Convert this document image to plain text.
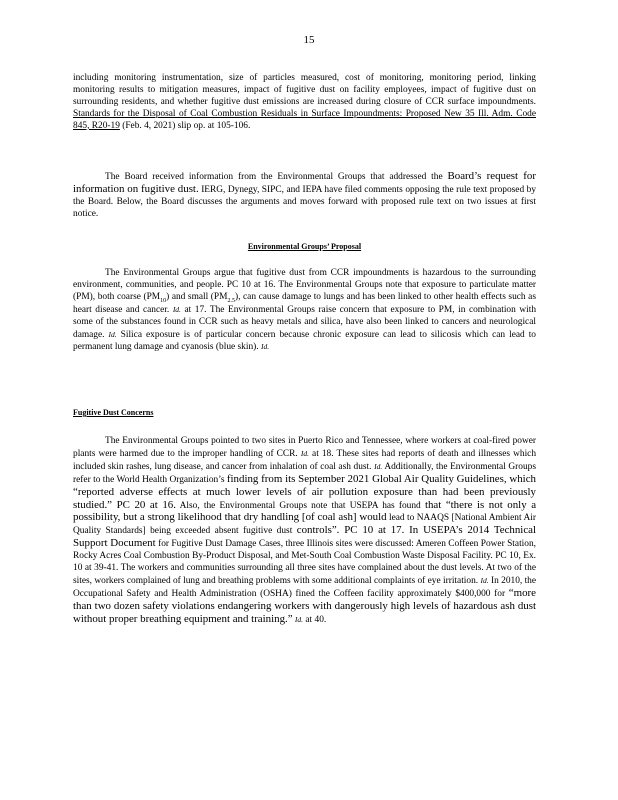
15

including monitoring instrumentation, size of particles measured, cost of monitoring, monitoring period, linking monitoring results to mitigation measures, impact of fugitive dust on facility employees, impact of fugitive dust on surrounding residents, and whether fugitive dust emissions are increased during closure of CCR surface impoundments. Standards for the Disposal of Coal Combustion Residuals in Surface Impoundments: Proposed New 35 Ill. Adm. Code 845, R20-19 (Feb. 4, 2021) slip op. at 105-106.

The Board received information from the Environmental Groups that addressed the Board’s request for information on fugitive dust. IERG, Dynegy, SIPC, and IEPA have filed comments opposing the rule text proposed by the Board. Below, the Board discusses the arguments and moves forward with proposed rule text on two issues at first notice.

Environmental Groups’ Proposal

The Environmental Groups argue that fugitive dust from CCR impoundments is hazardous to the surrounding environment, communities, and people. PC 10 at 16. The Environmental Groups note that exposure to particulate matter (PM), both coarse $(PM_{10})$ and small $(PM_{2.5})$, can cause damage to lungs and has been linked to other health effects such as heart disease and cancer. Id. at 17. The Environmental Groups raise concern that exposure to PM, in combination with some of the substances found in CCR such as heavy metals and silica, have also been linked to cancers and neurological damage. Id. Silica exposure is of particular concern because chronic exposure can lead to silicosis which can lead to permanent lung damage and cyanosis (blue skin). Id.

Fugitive Dust Concerns

The Environmental Groups pointed to two sites in Puerto Rico and Tennessee, where workers at coal-fired power plants were harmed due to the improper handling of CCR. Id. at 18. These sites had reports of death and illnesses which included skin rashes, lung disease, and cancer from inhalation of coal ash dust. Id. Additionally, the Environmental Groups refer to the World Health Organization’s finding from its September 2021 Global Air Quality Guidelines, which “reported adverse effects at much lower levels of air pollution exposure than had been previously studied.” PC 20 at 16. Also, the Environmental Groups note that USEPA has found that “there is not only a possibility, but a strong likelihood that dry handling [of coal ash] would lead to NAAQS [National Ambient Air Quality Standards] being exceeded absent fugitive dust controls”. PC 10 at 17. In USEPA’s 2014 Technical Support Document for Fugitive Dust Damage Cases, three Illinois sites were discussed: Ameren Coffeen Power Station, Rocky Acres Coal Combustion By-Product Disposal, and Met-South Coal Combustion Waste Disposal Facility. PC 10, Ex. 10 at 39-41. The workers and communities surrounding all three sites have complained about the dust levels. At two of the sites, workers complained of lung and breathing problems with some additional complaints of eye irritation. Id. In 2010, the Occupational Safety and Health Administration (OSHA) fined the Coffeen facility approximately $400,000 for “more than two dozen safety violations endangering workers with dangerously high levels of hazardous ash dust without proper breathing equipment and training.” Id. at 40.
